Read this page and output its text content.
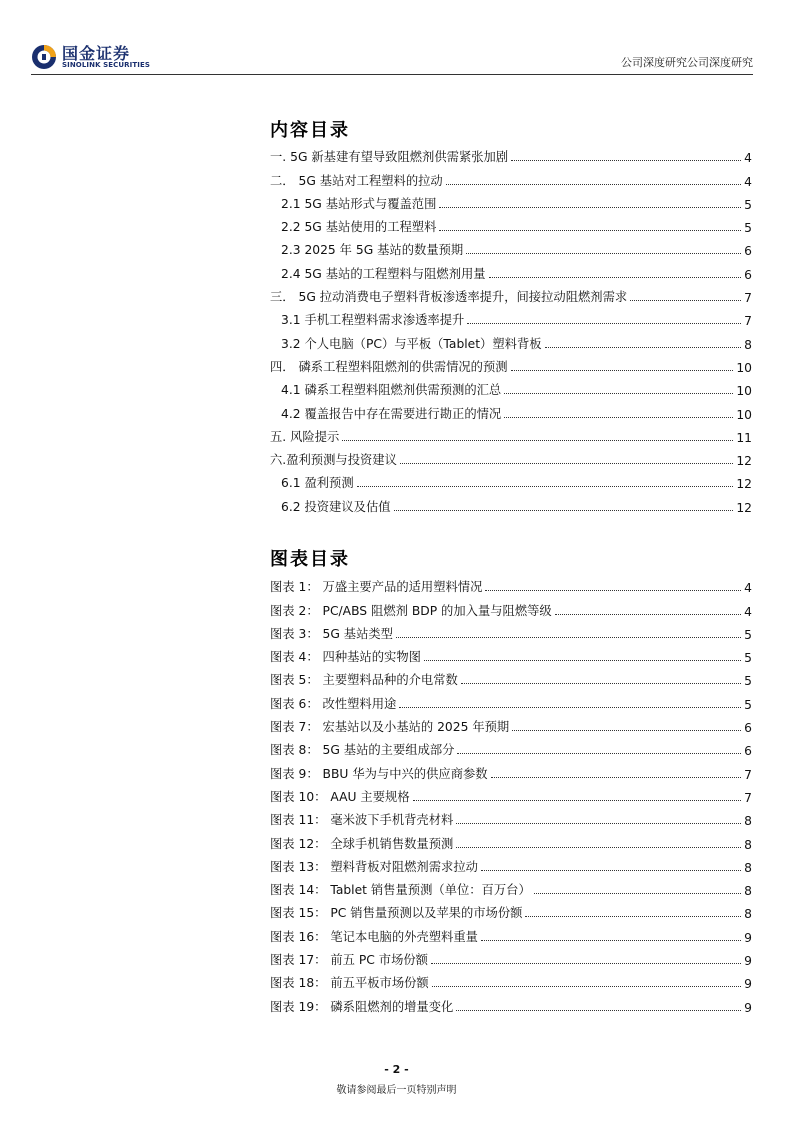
国金证券
SINOLINK SECURITIES	公司深度研究公司深度研究
内容目录
一. 5G 新基建有望导致阻燃剂供需紧张加剧	4
二． 5G 基站对工程塑料的拉动	4
2.1 5G 基站形式与覆盖范围	5
2.2 5G 基站使用的工程塑料	5
2.3 2025 年 5G 基站的数量预期	6
2.4 5G 基站的工程塑料与阻燃剂用量	6
三． 5G 拉动消费电子塑料背板渗透率提升，间接拉动阻燃剂需求	7
3.1 手机工程塑料需求渗透率提升	7
3.2 个人电脑（PC）与平板（Tablet）塑料背板	8
四． 磷系工程塑料阻燃剂的供需情况的预测	10
4.1 磷系工程塑料阻燃剂供需预测的汇总	10
4.2 覆盖报告中存在需要进行勘正的情况	10
五. 风险提示	11
六.盈利预测与投资建议	12
6.1 盈利预测	12
6.2 投资建议及估值	12
图表目录
图表 1： 万盛主要产品的适用塑料情况	4
图表 2： PC/ABS 阻燃剂 BDP 的加入量与阻燃等级	4
图表 3： 5G 基站类型	5
图表 4： 四种基站的实物图	5
图表 5： 主要塑料品种的介电常数	5
图表 6： 改性塑料用途	5
图表 7： 宏基站以及小基站的 2025 年预期	6
图表 8： 5G 基站的主要组成部分	6
图表 9： BBU 华为与中兴的供应商参数	7
图表 10： AAU 主要规格	7
图表 11： 毫米波下手机背壳材料	8
图表 12： 全球手机销售数量预测	8
图表 13： 塑料背板对阻燃剂需求拉动	8
图表 14： Tablet 销售量预测（单位：百万台）	8
图表 15： PC 销售量预测以及苹果的市场份额	8
图表 16： 笔记本电脑的外壳塑料重量	9
图表 17： 前五 PC 市场份额	9
图表 18： 前五平板市场份额	9
图表 19： 磷系阻燃剂的增量变化	9
- 2 -
敬请参阅最后一页特别声明
